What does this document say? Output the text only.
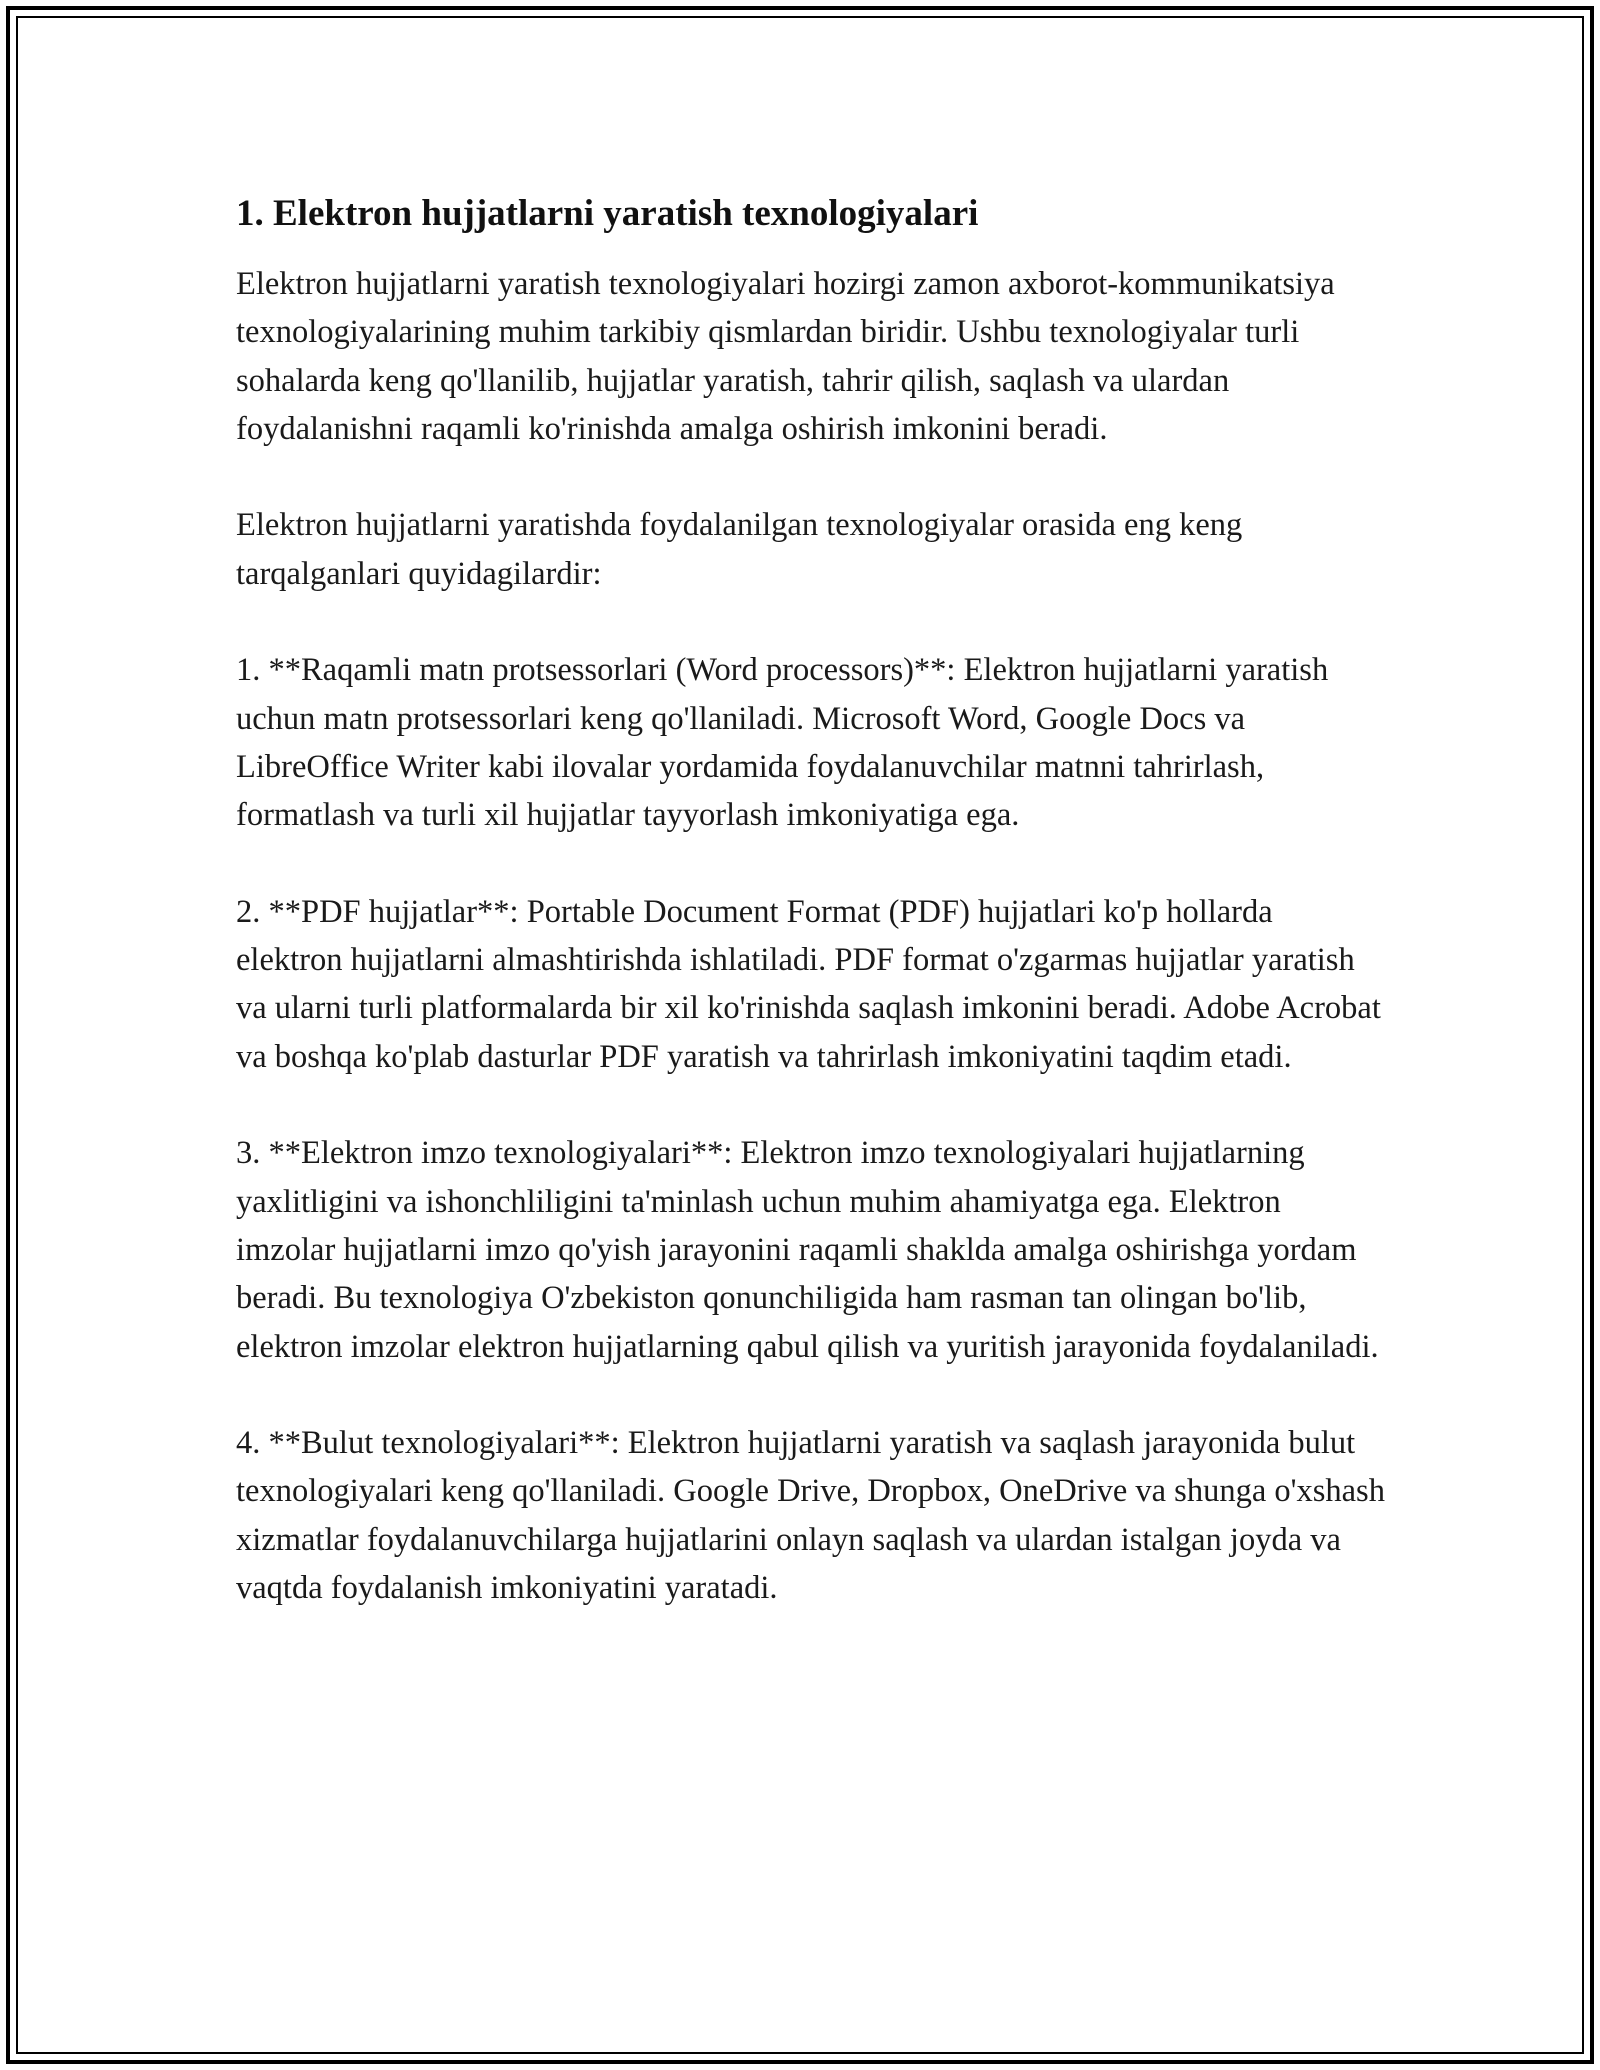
1. Elektron hujjatlarni yaratish texnologiyalari

Elektron hujjatlarni yaratish texnologiyalari hozirgi zamon axborot-kommunikatsiya texnologiyalarining muhim tarkibiy qismlardan biridir. Ushbu texnologiyalar turli sohalarda keng qo'llanilib, hujjatlar yaratish, tahrir qilish, saqlash va ulardan foydalanishni raqamli ko'rinishda amalga oshirish imkonini beradi.

Elektron hujjatlarni yaratishda foydalanilgan texnologiyalar orasida eng keng tarqalganlari quyidagilardir:

1. **Raqamli matn protsessorlari (Word processors)**: Elektron hujjatlarni yaratish uchun matn protsessorlari keng qo'llaniladi. Microsoft Word, Google Docs va LibreOffice Writer kabi ilovalar yordamida foydalanuvchilar matnni tahrirlash, formatlash va turli xil hujjatlar tayyorlash imkoniyatiga ega.

2. **PDF hujjatlar**: Portable Document Format (PDF) hujjatlari ko'p hollarda elektron hujjatlarni almashtirishda ishlatiladi. PDF format o'zgarmas hujjatlar yaratish va ularni turli platformalarda bir xil ko'rinishda saqlash imkonini beradi. Adobe Acrobat va boshqa ko'plab dasturlar PDF yaratish va tahrirlash imkoniyatini taqdim etadi.

3. **Elektron imzo texnologiyalari**: Elektron imzo texnologiyalari hujjatlarning yaxlitligini va ishonchliligini ta'minlash uchun muhim ahamiyatga ega. Elektron imzolar hujjatlarni imzo qo'yish jarayonini raqamli shaklda amalga oshirishga yordam beradi. Bu texnologiya O'zbekiston qonunchiligida ham rasman tan olingan bo'lib, elektron imzolar elektron hujjatlarning qabul qilish va yuritish jarayonida foydalaniladi.

4. **Bulut texnologiyalari**: Elektron hujjatlarni yaratish va saqlash jarayonida bulut texnologiyalari keng qo'llaniladi. Google Drive, Dropbox, OneDrive va shunga o'xshash xizmatlar foydalanuvchilarga hujjatlarini onlayn saqlash va ulardan istalgan joyda va vaqtda foydalanish imkoniyatini yaratadi.
